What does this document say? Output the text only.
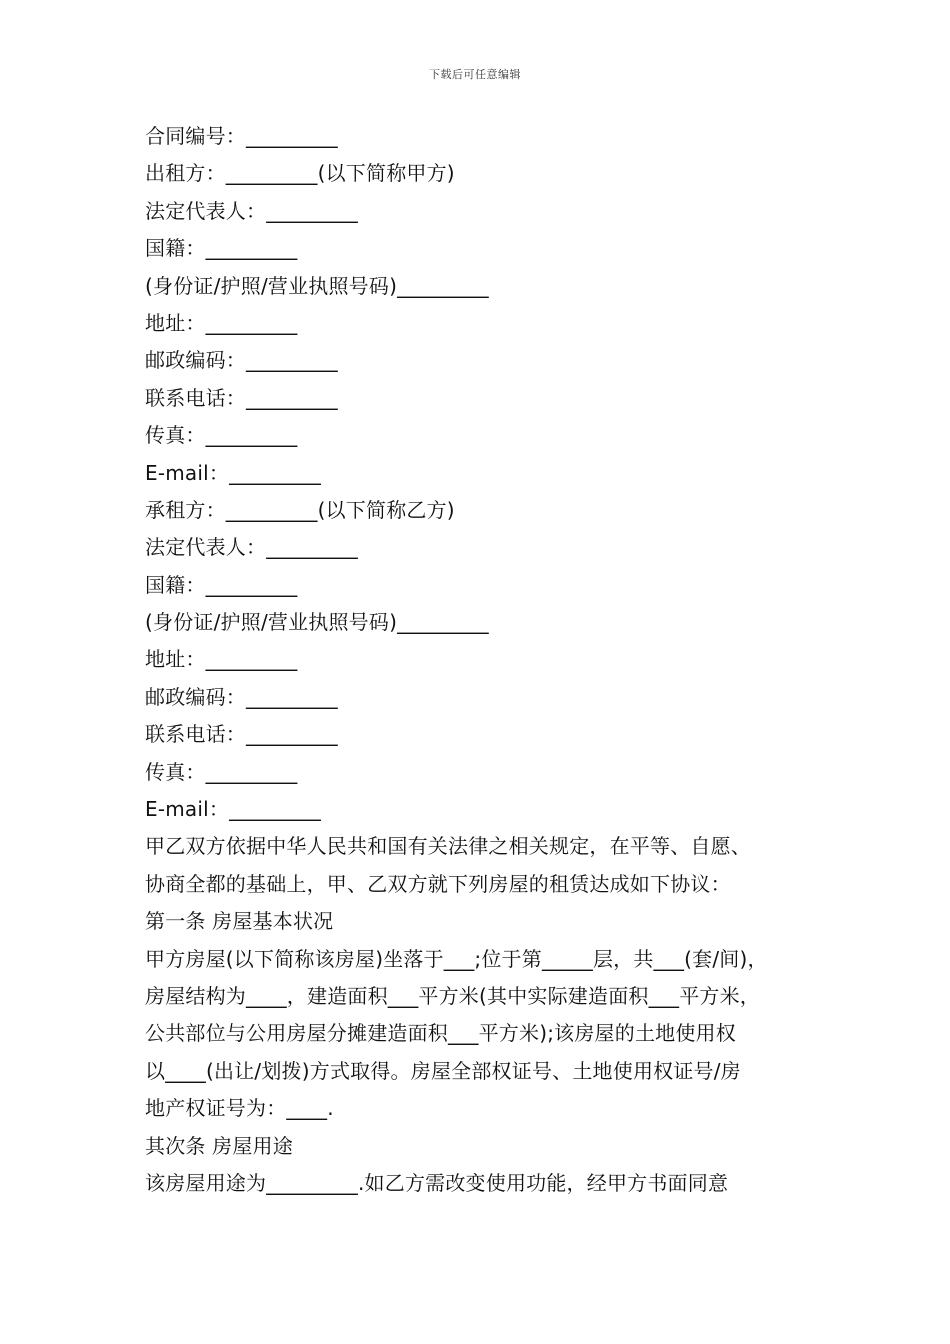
下载后可任意编辑
合同编号：_________
出租方：_________(以下简称甲方)
法定代表人：_________
国籍：_________
(身份证/护照/营业执照号码)_________
地址：_________
邮政编码：_________
联系电话：_________
传真：_________
E-mail：_________
承租方：_________(以下简称乙方)
法定代表人：_________
国籍：_________
(身份证/护照/营业执照号码)_________
地址：_________
邮政编码：_________
联系电话：_________
传真：_________
E-mail：_________
甲乙双方依据中华人民共和国有关法律之相关规定，在平等、自愿、
协商全都的基础上，甲、乙双方就下列房屋的租赁达成如下协议：
第一条 房屋基本状况
甲方房屋(以下简称该房屋)坐落于___;位于第_____层，共___(套/间)，
房屋结构为____，建造面积___平方米(其中实际建造面积___平方米，
公共部位与公用房屋分摊建造面积___平方米);该房屋的土地使用权
以____(出让/划拨)方式取得。房屋全部权证号、土地使用权证号/房
地产权证号为：____.
其次条 房屋用途
该房屋用途为_________.如乙方需改变使用功能，经甲方书面同意
